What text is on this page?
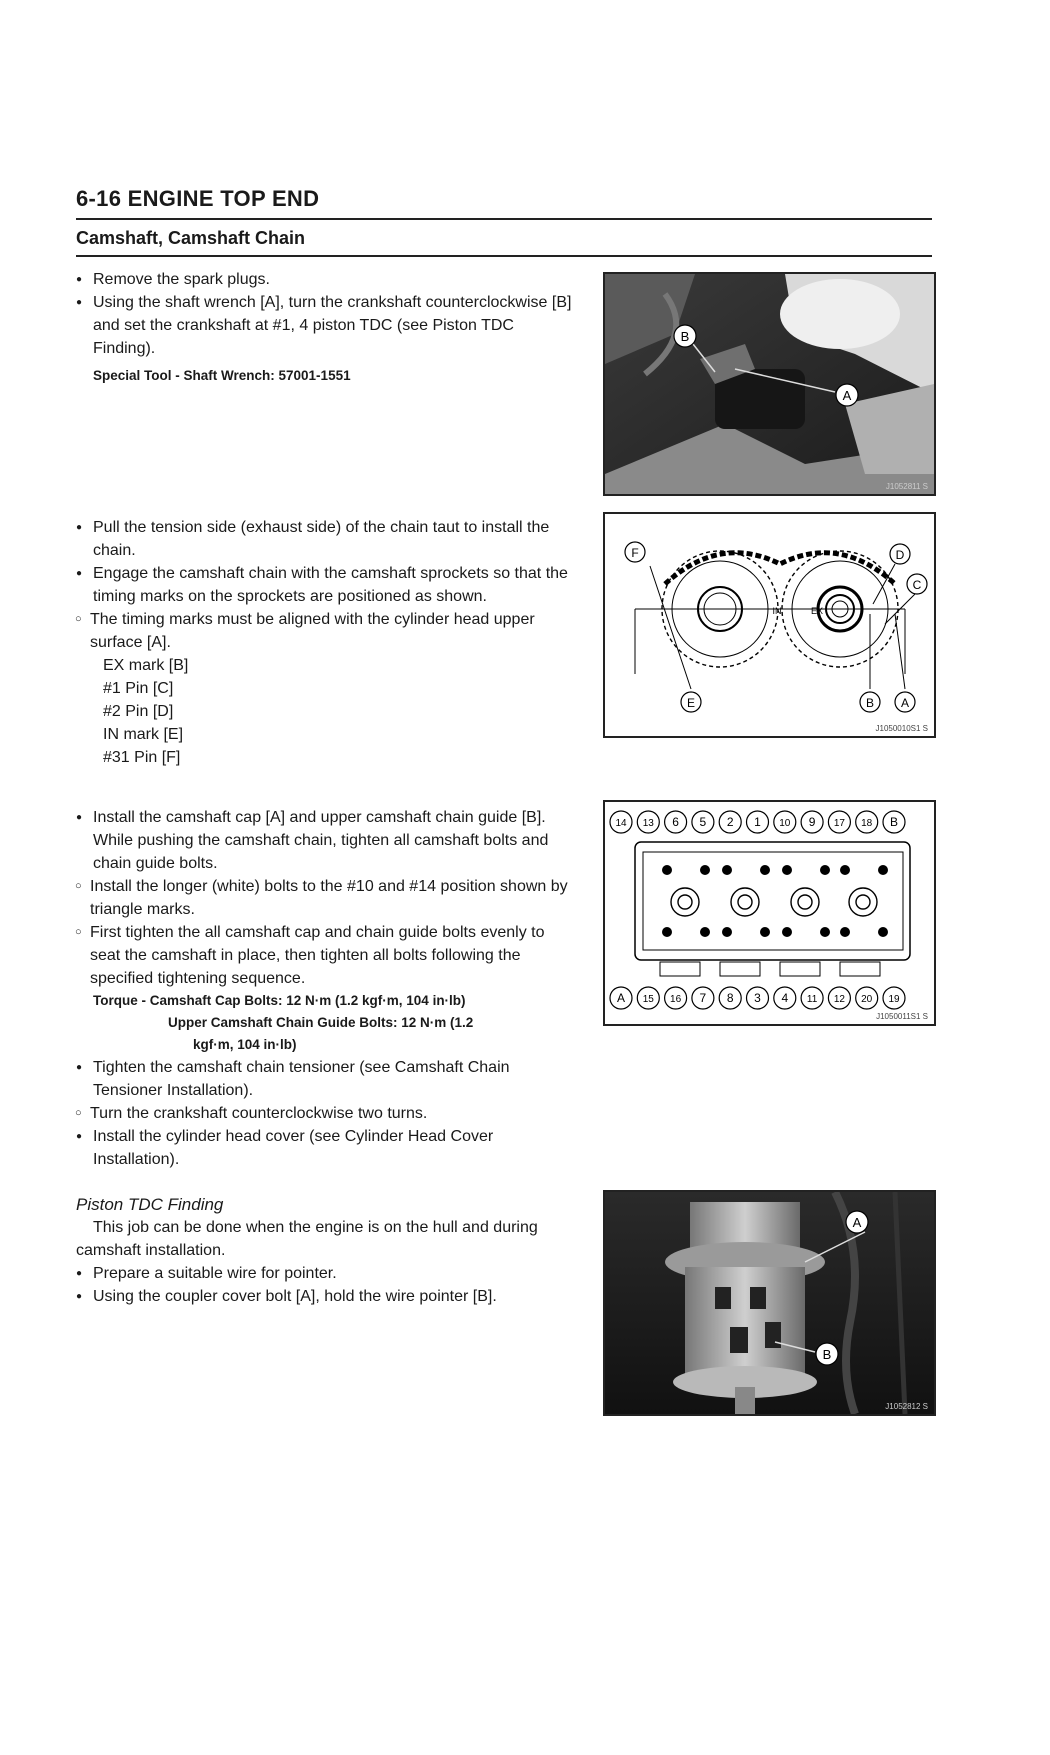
6-16 ENGINE TOP END
Camshaft, Camshaft Chain
● Remove the spark plugs.
● Using the shaft wrench [A], turn the crankshaft counterclockwise [B] and set the crankshaft at #1, 4 piston TDC (see Piston TDC Finding).
Special Tool - Shaft Wrench: 57001-1551
B
A
J1052811 S
● Pull the tension side (exhaust side) of the chain taut to install the chain.
● Engage the camshaft chain with the camshaft sprockets so that the timing marks on the sprockets are positioned as shown.
○ The timing marks must be aligned with the cylinder head upper surface [A].
EX mark [B]
#1 Pin [C]
#2 Pin [D]
IN mark [E]
#31 Pin [F]
IN	EX
F	D
C
E	B A
J1050010S1 S
● Install the camshaft cap [A] and upper camshaft chain guide [B]. While pushing the camshaft chain, tighten all camshaft bolts and chain guide bolts.
○ Install the longer (white) bolts to the #10 and #14 position shown by triangle marks.
○ First tighten the all camshaft cap and chain guide bolts evenly to seat the camshaft in place, then tighten all bolts following the specified tightening sequence.
Torque - Camshaft Cap Bolts: 12 N·m (1.2 kgf·m, 104 in·lb)
Upper Camshaft Chain Guide Bolts: 12 N·m (1.2
kgf·m, 104 in·lb)
● Tighten the camshaft chain tensioner (see Camshaft Chain Tensioner Installation).
○ Turn the crankshaft counterclockwise two turns.
● Install the cylinder head cover (see Cylinder Head Cover Installation).
14 13 6 5 2 1 10 9 17 18 B
A 15 16 7 8 3 4 11 12 20 19
J1050011S1 S
Piston TDC Finding
This job can be done when the engine is on the hull and during camshaft installation.
● Prepare a suitable wire for pointer.
● Using the coupler cover bolt [A], hold the wire pointer [B].
A
B
J1052812 S
